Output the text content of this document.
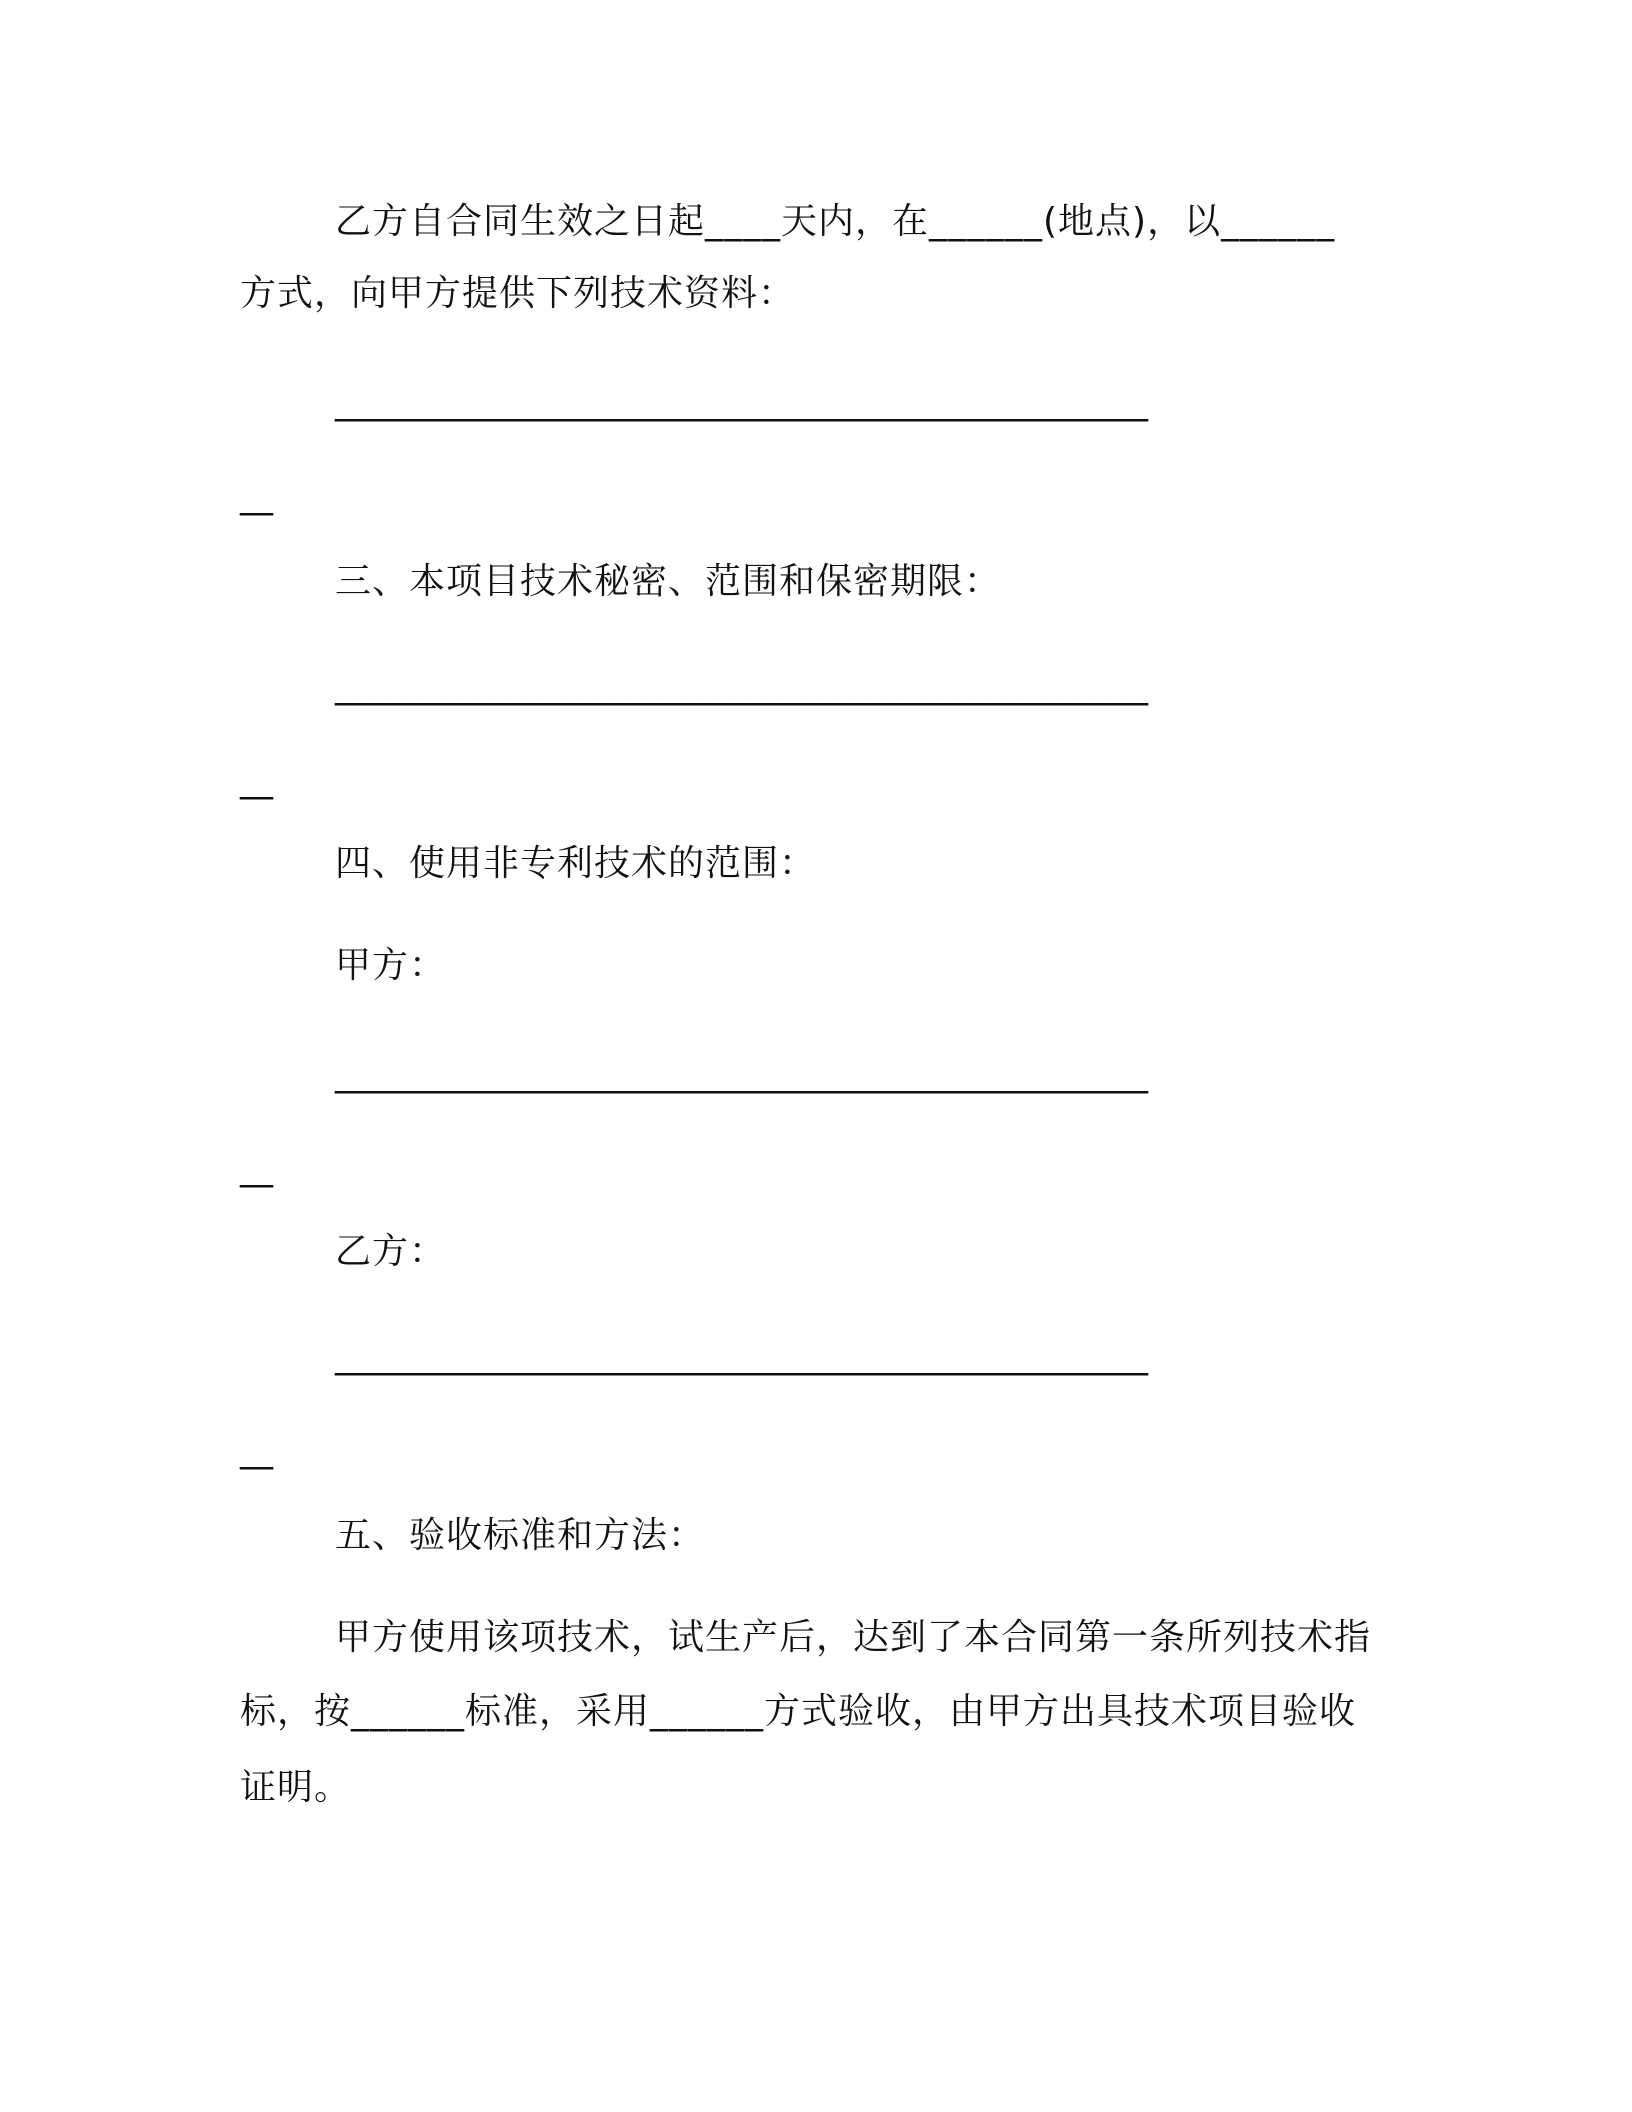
乙方自合同生效之日起____天内，在______(地点)，以______
方式，向甲方提供下列技术资料：
______________________________________________________
__
三、本项目技术秘密、范围和保密期限：
______________________________________________________
__
四、使用非专利技术的范围：
甲方：
______________________________________________________
__
乙方：
______________________________________________________
__
五、验收标准和方法：
甲方使用该项技术，试生产后，达到了本合同第一条所列技术指
标，按______标准，采用______方式验收，由甲方出具技术项目验收
证明。
